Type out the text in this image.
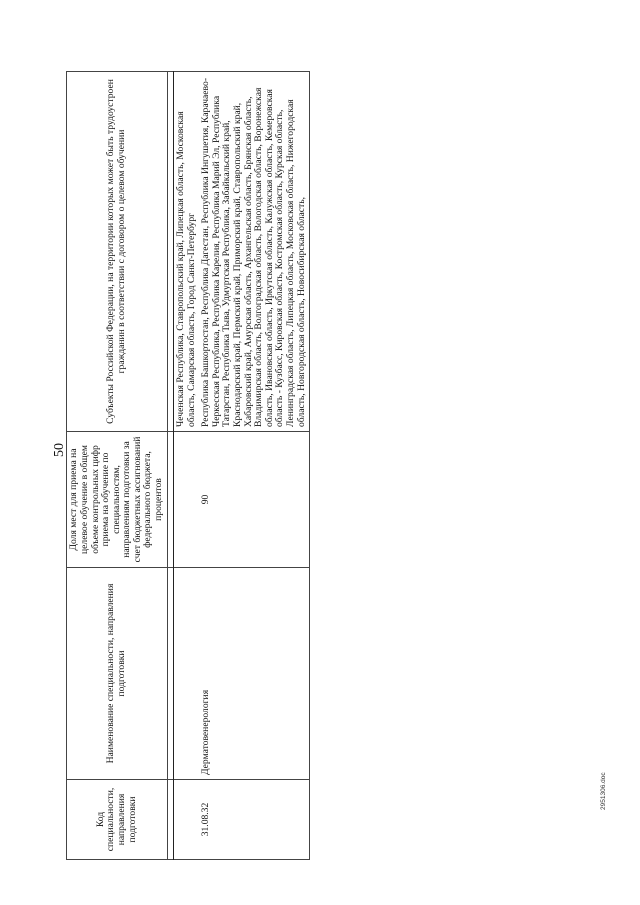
50
Код специальности, направления подготовки	Наименование специальности, направления подготовки	Доля мест для приема на целевое обучение в общем объеме контрольных цифр приема на обучение по специальностям, направлениям подготовки за счет бюджетных ассигнований федерального бюджета, процентов	Субъекты Российской Федерации, на территории которых может быть трудоустроен гражданин в соответствии с договором о целевом обучении

			Чеченская Республика, Ставропольский край, Липецкая область, Московская область, Самарская область, Город Санкт-Петербург
31.08.32	Дерматовенерология	90	Республика Башкортостан, Республика Дагестан, Республика Ингушетия, Карачаево-Черкесская Республика, Республика Карелия, Республика Марий Эл, Республика Татарстан, Республика Тыва, Удмуртская Республика, Забайкальский край, Краснодарский край, Пермский край, Приморский край, Ставропольский край, Хабаровский край, Амурская область, Архангельская область, Брянская область, Владимирская область, Волгоградская область, Вологодская область, Воронежская область, Ивановская область, Иркутская область, Калужская область, Кемеровская область - Кузбасс, Кировская область, Костромская область, Курская область, Ленинградская область, Липецкая область, Московская область, Нижегородская область, Новгородская область, Новосибирская область,
2951306.doc
